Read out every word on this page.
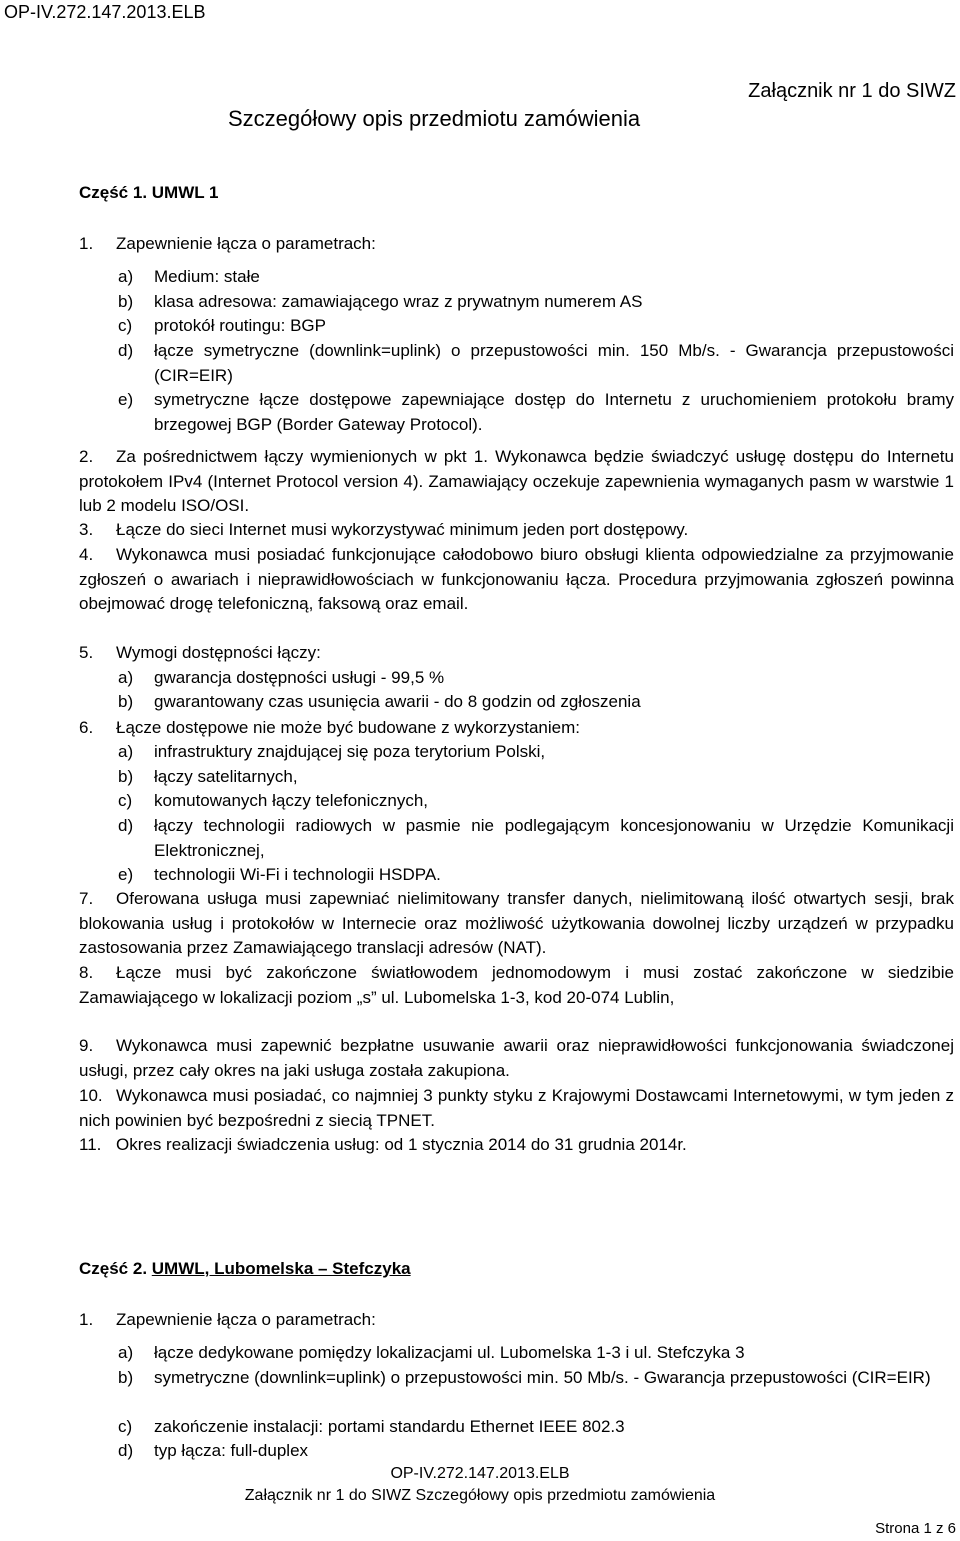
OP-IV.272.147.2013.ELB
Załącznik nr 1 do SIWZ
Szczegółowy opis przedmiotu zamówienia
Część 1. UMWL 1
1. Zapewnienie łącza o parametrach:
a) Medium: stałe
b) klasa adresowa: zamawiającego wraz z prywatnym numerem AS
c) protokół routingu: BGP
d) łącze symetryczne (downlink=uplink) o przepustowości min. 150 Mb/s. - Gwarancja przepustowości (CIR=EIR)
e) symetryczne łącze dostępowe zapewniające dostęp do Internetu z uruchomieniem protokołu bramy brzegowej BGP (Border Gateway Protocol).
2. Za pośrednictwem łączy wymienionych w pkt 1. Wykonawca będzie świadczyć usługę dostępu do Internetu protokołem IPv4 (Internet Protocol version 4). Zamawiający oczekuje zapewnienia wymaganych pasm w warstwie 1 lub 2 modelu ISO/OSI.
3. Łącze do sieci Internet musi wykorzystywać minimum jeden port dostępowy.
4. Wykonawca musi posiadać funkcjonujące całodobowo biuro obsługi klienta odpowiedzialne za przyjmowanie zgłoszeń o awariach i nieprawidłowościach w funkcjonowaniu łącza. Procedura przyjmowania zgłoszeń powinna obejmować drogę telefoniczną, faksową oraz email.
5. Wymogi dostępności łączy:
a) gwarancja dostępności usługi - 99,5 %
b) gwarantowany czas usunięcia awarii - do 8 godzin od zgłoszenia
6. Łącze dostępowe nie może być budowane z wykorzystaniem:
a) infrastruktury znajdującej się poza terytorium Polski,
b) łączy satelitarnych,
c) komutowanych łączy telefonicznych,
d) łączy technologii radiowych w pasmie nie podlegającym koncesjonowaniu w Urzędzie Komunikacji Elektronicznej,
e) technologii Wi-Fi i technologii HSDPA.
7. Oferowana usługa musi zapewniać nielimitowany transfer danych, nielimitowaną ilość otwartych sesji, brak blokowania usług i protokołów w Internecie oraz możliwość użytkowania dowolnej liczby urządzeń w przypadku zastosowania przez Zamawiającego translacji adresów (NAT).
8. Łącze musi być zakończone światłowodem jednomodowym i musi zostać zakończone w siedzibie Zamawiającego w lokalizacji poziom „s” ul. Lubomelska 1-3, kod 20-074 Lublin,
9. Wykonawca musi zapewnić bezpłatne usuwanie awarii oraz nieprawidłowości funkcjonowania świadczonej usługi, przez cały okres na jaki usługa została zakupiona.
10. Wykonawca musi posiadać, co najmniej 3 punkty styku z Krajowymi Dostawcami Internetowymi, w tym jeden z nich powinien być bezpośredni z siecią TPNET.
11. Okres realizacji świadczenia usług: od 1 stycznia 2014 do 31 grudnia 2014r.
Część 2. UMWL, Lubomelska – Stefczyka
1. Zapewnienie łącza o parametrach:
a) łącze dedykowane pomiędzy lokalizacjami ul. Lubomelska 1-3 i ul. Stefczyka 3
b) symetryczne (downlink=uplink) o przepustowości min. 50 Mb/s. - Gwarancja przepustowości (CIR=EIR)
c) zakończenie instalacji: portami standardu Ethernet IEEE 802.3
d) typ łącza: full-duplex
OP-IV.272.147.2013.ELB
Załącznik nr 1 do SIWZ Szczegółowy opis przedmiotu zamówienia
Strona 1 z 6
